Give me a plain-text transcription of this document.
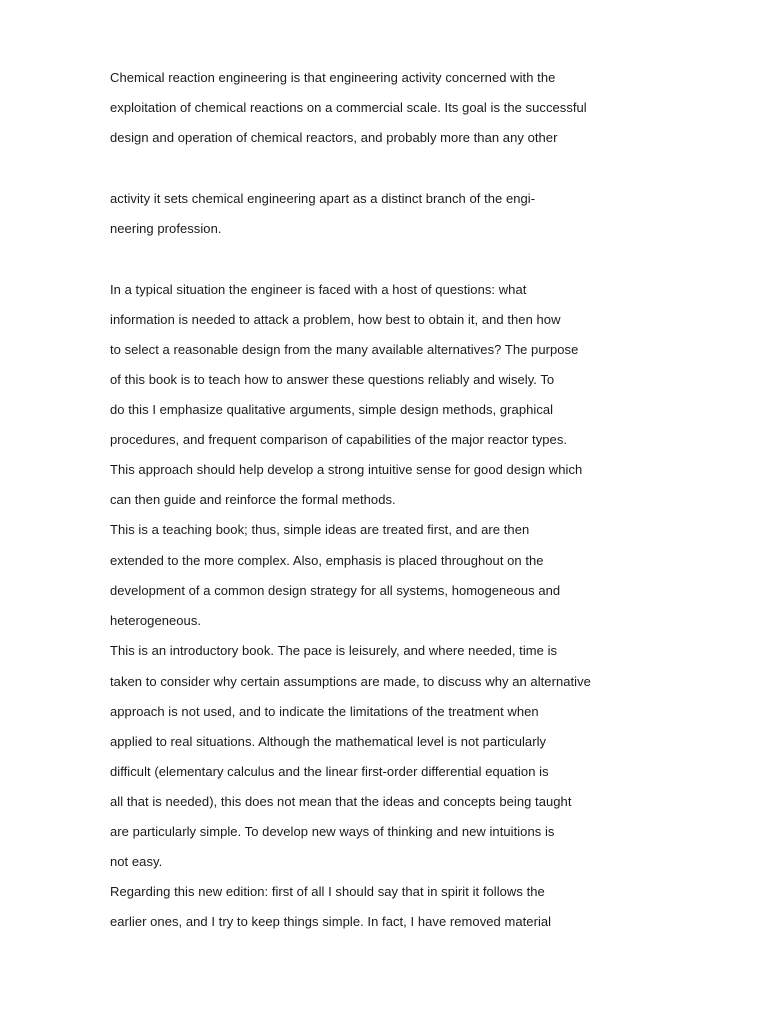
Chemical reaction engineering is that engineering activity concerned with the

exploitation of chemical reactions on a commercial scale. Its goal is the successful

design and operation of chemical reactors, and probably more than any other

activity it sets chemical engineering apart as a distinct branch of the engi-

neering profession.

In a typical situation the engineer is faced with a host of questions: what

information is needed to attack a problem, how best to obtain it, and then how

to select a reasonable design from the many available alternatives? The purpose

of this book is to teach how to answer these questions reliably and wisely. To

do this I emphasize qualitative arguments, simple design methods, graphical

procedures, and frequent comparison of capabilities of the major reactor types.

This approach should help develop a strong intuitive sense for good design which

can then guide and reinforce the formal methods.

This is a teaching book; thus, simple ideas are treated first, and are then

extended to the more complex. Also, emphasis is placed throughout on the

development of a common design strategy for all systems, homogeneous and

heterogeneous.

This is an introductory book. The pace is leisurely, and where needed, time is

taken to consider why certain assumptions are made, to discuss why an alternative

approach is not used, and to indicate the limitations of the treatment when

applied to real situations. Although the mathematical level is not particularly

difficult (elementary calculus and the linear first-order differential equation is

all that is needed), this does not mean that the ideas and concepts being taught

are particularly simple. To develop new ways of thinking and new intuitions is

not easy.

Regarding this new edition: first of all I should say that in spirit it follows the

earlier ones, and I try to keep things simple. In fact, I have removed material
